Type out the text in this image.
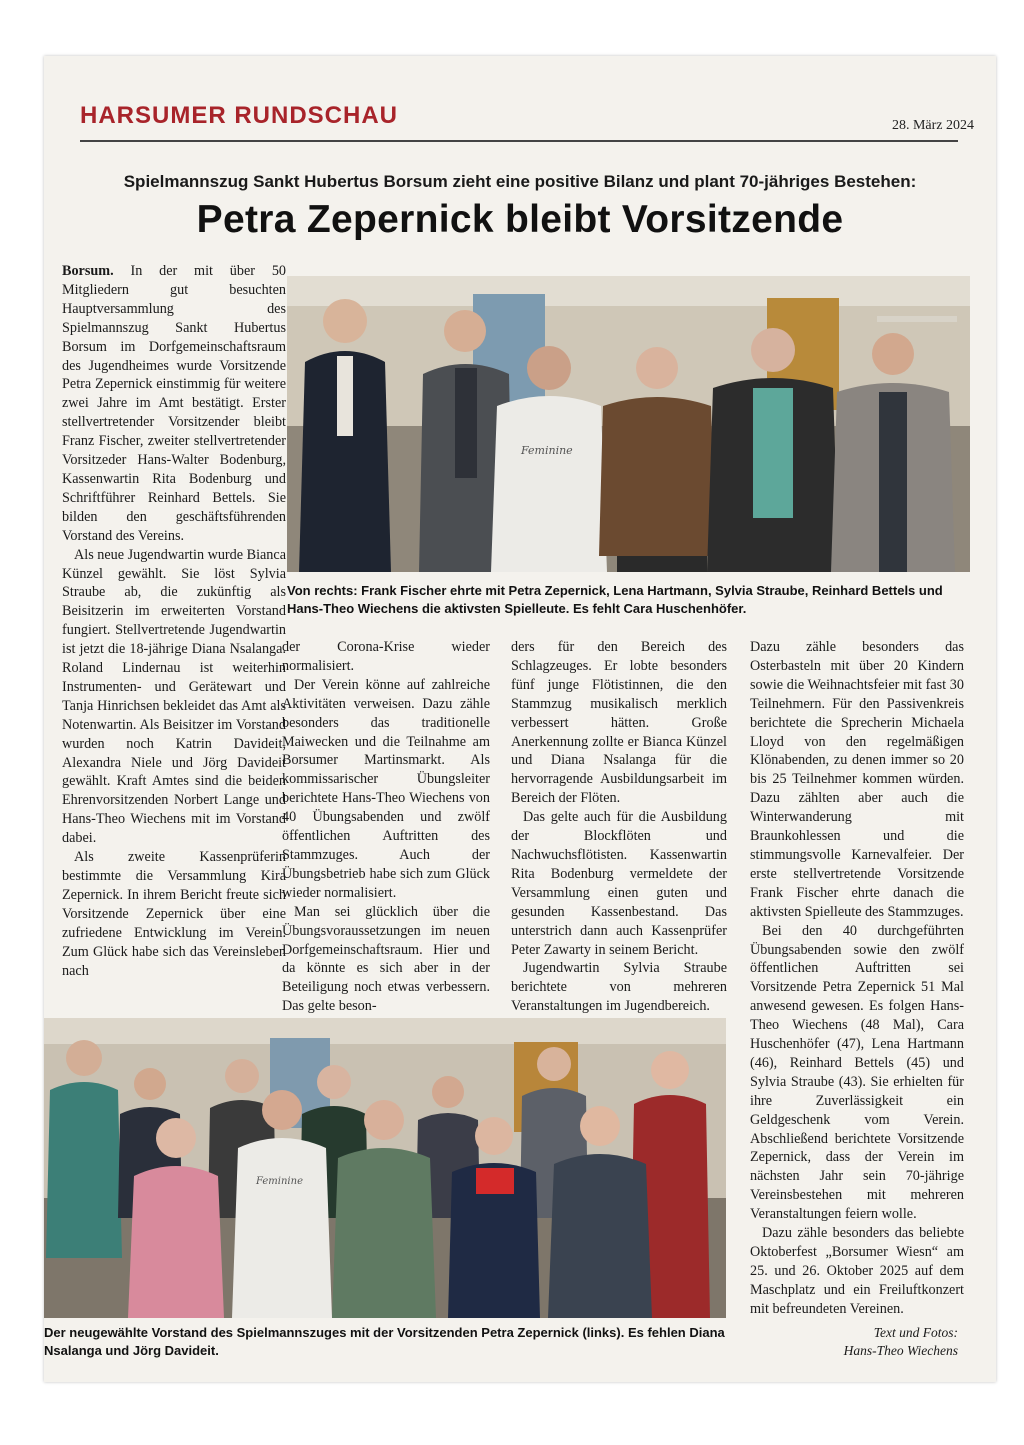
HARSUMER RUNDSCHAU	28. März 2024
Spielmannszug Sankt Hubertus Borsum zieht eine positive Bilanz und plant 70-jähriges Bestehen:
Petra Zepernick bleibt Vorsitzende

Borsum. In der mit über 50 Mitgliedern gut besuchten Hauptversammlung des Spielmannszug Sankt Hubertus Borsum im Dorfgemeinschaftsraum des Jugendheimes wurde Vorsitzende Petra Zepernick einstimmig für weitere zwei Jahre im Amt bestätigt. Erster stellvertretender Vorsitzender bleibt Franz Fischer, zweiter stellvertretender Vorsitzeder Hans-Walter Bodenburg, Kassenwartin Rita Bodenburg und Schriftführer Reinhard Bettels. Sie bilden den geschäftsführenden Vorstand des Vereins.

Als neue Jugendwartin wurde Bianca Künzel gewählt. Sie löst Sylvia Straube ab, die zukünftig als Beisitzerin im erweiterten Vorstand fungiert. Stellvertretende Jugendwartin ist jetzt die 18-jährige Diana Nsalanga. Roland Lindernau ist weiterhin Instrumenten- und Gerätewart und Tanja Hinrichsen bekleidet das Amt als Notenwartin. Als Beisitzer im Vorstand wurden noch Katrin Davideit, Alexandra Niele und Jörg Davideit gewählt. Kraft Amtes sind die beiden Ehrenvorsitzenden Norbert Lange und Hans-Theo Wiechens mit im Vorstand dabei.

Als zweite Kassenprüferin bestimmte die Versammlung Kira Zepernick. In ihrem Bericht freute sich Vorsitzende Zepernick über eine zufriedene Entwicklung im Verein. Zum Glück habe sich das Vereinsleben nach

Feminine

Von rechts: Frank Fischer ehrte mit Petra Zepernick, Lena Hartmann, Sylvia Straube, Reinhard Bettels und Hans-Theo Wiechens die aktivsten Spielleute. Es fehlt Cara Huschenhöfer.

der Corona-Krise wieder normalisiert.

Der Verein könne auf zahlreiche Aktivitäten verweisen. Dazu zähle besonders das traditionelle Maiwecken und die Teilnahme am Borsumer Martinsmarkt. Als kommissarischer Übungsleiter berichtete Hans-Theo Wiechens von 40 Übungsabenden und zwölf öffentlichen Auftritten des Stammzuges. Auch der Übungsbetrieb habe sich zum Glück wieder normalisiert.

Man sei glücklich über die Übungsvoraussetzungen im neuen Dorfgemeinschaftsraum. Hier und da könnte es sich aber in der Beteiligung noch etwas verbessern. Das gelte beson-

ders für den Bereich des Schlagzeuges. Er lobte besonders fünf junge Flötistinnen, die den Stammzug musikalisch merklich verbessert hätten. Große Anerkennung zollte er Bianca Künzel und Diana Nsalanga für die hervorragende Ausbildungsarbeit im Bereich der Flöten.

Das gelte auch für die Ausbildung der Blockflöten und Nachwuchsflötisten. Kassenwartin Rita Bodenburg vermeldete der Versammlung einen guten und gesunden Kassenbestand. Das unterstrich dann auch Kassenprüfer Peter Zawarty in seinem Bericht.

Jugendwartin Sylvia Straube berichtete von mehreren Veranstaltungen im Jugendbereich.

Dazu zähle besonders das Osterbasteln mit über 20 Kindern sowie die Weihnachtsfeier mit fast 30 Teilnehmern. Für den Passivenkreis berichtete die Sprecherin Michaela Lloyd von den regelmäßigen Klönabenden, zu denen immer so 20 bis 25 Teilnehmer kommen würden. Dazu zählten aber auch die Winterwanderung mit Braunkohlessen und die stimmungsvolle Karnevalfeier. Der erste stellvertretende Vorsitzende Frank Fischer ehrte danach die aktivsten Spielleute des Stammzuges.

Bei den 40 durchgeführten Übungsabenden sowie den zwölf öffentlichen Auftritten sei Vorsitzende Petra Zepernick 51 Mal anwesend gewesen. Es folgen Hans-Theo Wiechens (48 Mal), Cara Huschenhöfer (47), Lena Hartmann (46), Reinhard Bettels (45) und Sylvia Straube (43). Sie erhielten für ihre Zuverlässigkeit ein Geldgeschenk vom Verein. Abschließend berichtete Vorsitzende Zepernick, dass der Verein im nächsten Jahr sein 70-jährige Vereinsbestehen mit mehreren Veranstaltungen feiern wolle.

Dazu zähle besonders das beliebte Oktoberfest „Borsumer Wiesn“ am 25. und 26. Oktober 2025 auf dem Maschplatz und ein Freiluftkonzert mit befreundeten Vereinen.

Feminine

Der neugewählte Vorstand des Spielmannszuges mit der Vorsitzenden Petra Zepernick (links). Es fehlen Diana Nsalanga und Jörg Davideit.

Text und Fotos:
Hans-Theo Wiechens
